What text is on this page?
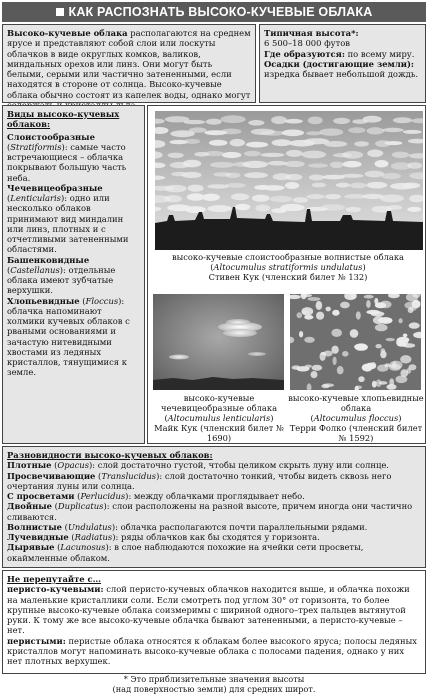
КАК РАСПОЗНАТЬ ВЫСОКО-КУЧЕВЫЕ ОБЛАКА

Высоко-кучевые облака располагаются на среднем ярусе и представляют собой слои или лоскуты облачков в виде округлых комков, валиков, миндальных орехов или линз. Они могут быть белыми, серыми или частично затененными, если находятся в стороне от солнца. Высоко-кучевые облака обычно состоят из капелек воды, однако могут

Типичная высота*:

6 500–18 000 футов

Где образуются: по всему миру.

Осадки (достигающие земли): изредка бывает небольшой дождь.

Виды высоко-кучевых облаков:

Слоистообразные (Stratiformis): самые часто встречающиеся – облачка покрывают большую часть неба.

Чечевицеобразные (Lenticularis): одно или несколько облаков принимают вид миндалин или линз, плотных и с отчетливыми затененными областями.

Башенковидные (Castellanus): отдельные облака имеют зубчатые верхушки.

Хлопьевидные (Floccus): облачка напоминают холмики кучевых облаков с рваными основаниями и зачастую нитевидными хвостами из ледяных кристаллов, тянущимися к земле.

высоко-кучевые слоистообразные волнистые облака
(Altocumulus stratiformis undulatus)
Стивен Кук (членский билет № 132)
высоко-кучевые чечевицеобразные облака
(Altocumulus lenticularis)
Майк Кук (членский билет № 1690)
высоко-кучевые хлопьевидные облака
(Altocumulus floccus)
Терри Фолко (членский билет № 1592)

Разновидности высоко-кучевых облаков:

Плотные (Opacus): слой достаточно густой, чтобы целиком скрыть луну или солнце.

Просвечивающие (Translucidus): слой достаточно тонкий, чтобы видеть сквозь него очертания луны или солнца.

С просветами (Perlucidus): между облачками проглядывает небо.

Двойные (Duplicatus): слои расположены на разной высоте, причем иногда они частично сливаются.

Волнистые (Undulatus): облачка располагаются почти параллельными рядами.

Лучевидные (Radiatus): ряды облачков как бы сходятся у горизонта.

Дырявые (Lacunosus): в слое наблюдаются похожие на ячейки сети просветы, окаймленные облаком.

Не перепутайте с…

перисто-кучевыми: слой перисто-кучевых облачков находится выше, и облачка похожи на маленькие кристаллики соли. Если смотреть под углом 30° от горизонта, то более крупные высоко-кучевые облака соизмеримы с шириной одного–трех пальцев вытянутой руки. К тому же все высоко-кучевые облачка бывают затененными, а перисто-кучевые – нет.

перистыми: перистые облака относятся к облакам более высокого яруса; полосы ледяных кристаллов могут напоминать высоко-кучевые облака с полосами падения, однако у них нет плотных верхушек.

* Это приблизительные значения высоты
(над поверхностью земли) для средних широт.
